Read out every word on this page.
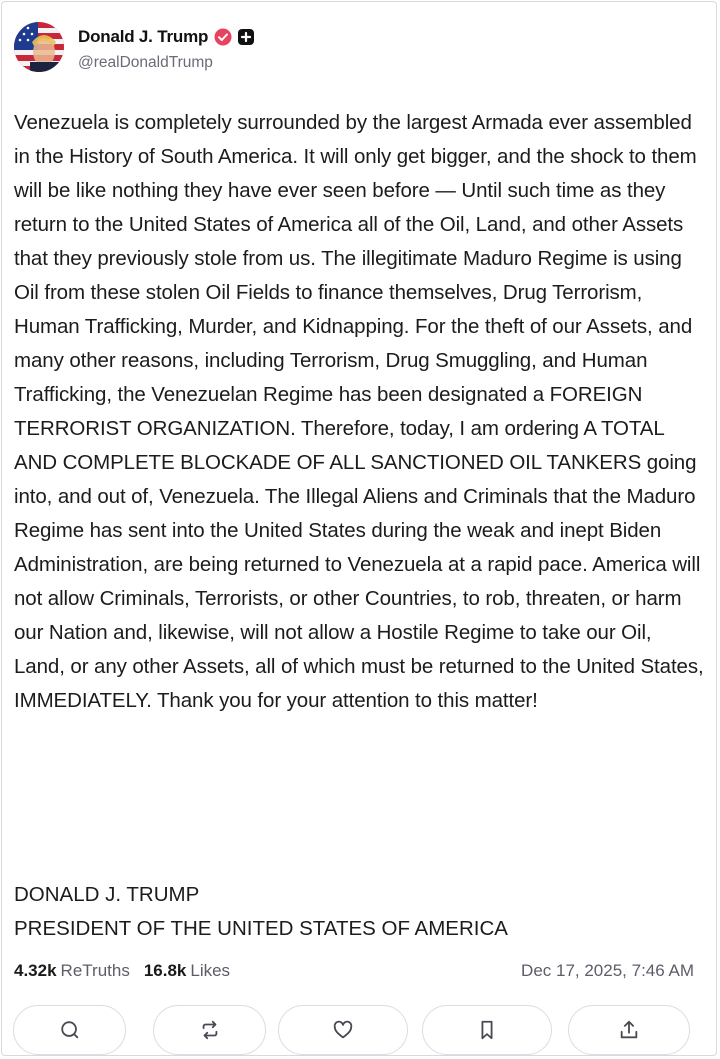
Donald J. Trump
@realDonaldTrump

Venezuela is completely surrounded by the largest Armada ever assembled in the History of South America. It will only get bigger, and the shock to them will be like nothing they have ever seen before — Until such time as they return to the United States of America all of the Oil, Land, and other Assets that they previously stole from us. The illegitimate Maduro Regime is using Oil from these stolen Oil Fields to finance themselves, Drug Terrorism, Human Trafficking, Murder, and Kidnapping. For the theft of our Assets, and many other reasons, including Terrorism, Drug Smuggling, and Human Trafficking, the Venezuelan Regime has been designated a FOREIGN TERRORIST ORGANIZATION. Therefore, today, I am ordering A TOTAL AND COMPLETE BLOCKADE OF ALL SANCTIONED OIL TANKERS going into, and out of, Venezuela. The Illegal Aliens and Criminals that the Maduro Regime has sent into the United States during the weak and inept Biden Administration, are being returned to Venezuela at a rapid pace. America will not allow Criminals, Terrorists, or other Countries, to rob, threaten, or harm our Nation and, likewise, will not allow a Hostile Regime to take our Oil, Land, or any other Assets, all of which must be returned to the United States, IMMEDIATELY. Thank you for your attention to this matter!

DONALD J. TRUMP
PRESIDENT OF THE UNITED STATES OF AMERICA
4.32k ReTruths 16.8k Likes	Dec 17, 2025, 7:46 AM
